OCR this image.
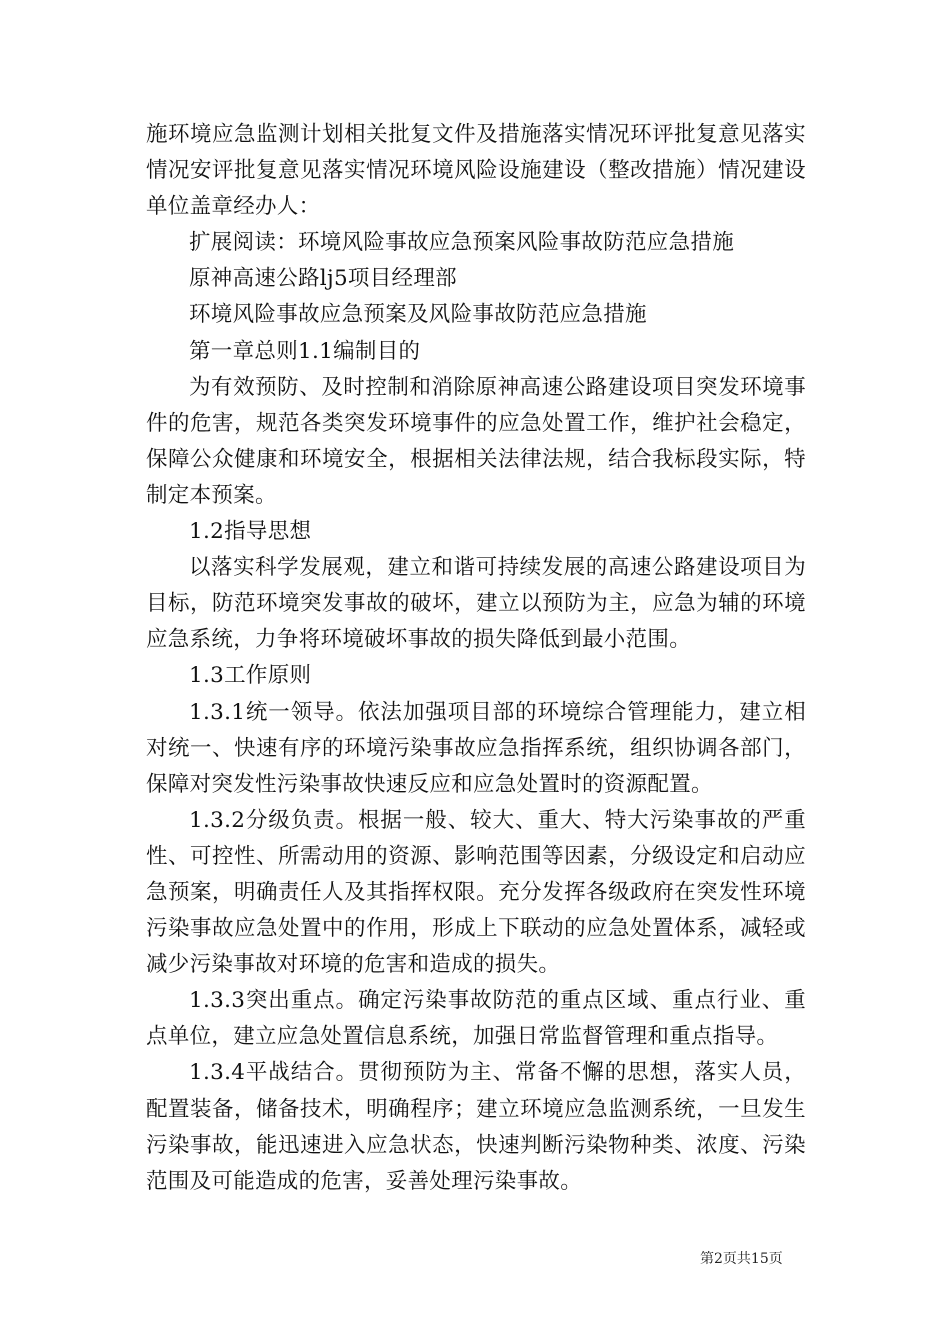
施环境应急监测计划相关批复文件及措施落实情况环评批复意见落实情况安评批复意见落实情况环境风险设施建设（整改措施）情况建设单位盖章经办人：

扩展阅读：环境风险事故应急预案风险事故防范应急措施

原神高速公路lj5项目经理部

环境风险事故应急预案及风险事故防范应急措施

第一章总则1.1编制目的

为有效预防、及时控制和消除原神高速公路建设项目突发环境事件的危害，规范各类突发环境事件的应急处置工作，维护社会稳定，保障公众健康和环境安全，根据相关法律法规，结合我标段实际，特制定本预案。

1.2指导思想

以落实科学发展观，建立和谐可持续发展的高速公路建设项目为目标，防范环境突发事故的破坏，建立以预防为主，应急为辅的环境应急系统，力争将环境破坏事故的损失降低到最小范围。

1.3工作原则

1.3.1统一领导。依法加强项目部的环境综合管理能力，建立相对统一、快速有序的环境污染事故应急指挥系统，组织协调各部门，保障对突发性污染事故快速反应和应急处置时的资源配置。

1.3.2分级负责。根据一般、较大、重大、特大污染事故的严重性、可控性、所需动用的资源、影响范围等因素，分级设定和启动应急预案，明确责任人及其指挥权限。充分发挥各级政府在突发性环境污染事故应急处置中的作用，形成上下联动的应急处置体系，减轻或减少污染事故对环境的危害和造成的损失。

1.3.3突出重点。确定污染事故防范的重点区域、重点行业、重点单位，建立应急处置信息系统，加强日常监督管理和重点指导。

1.3.4平战结合。贯彻预防为主、常备不懈的思想，落实人员，配置装备，储备技术，明确程序；建立环境应急监测系统，一旦发生污染事故，能迅速进入应急状态，快速判断污染物种类、浓度、污染范围及可能造成的危害，妥善处理污染事故。

第2页共15页
